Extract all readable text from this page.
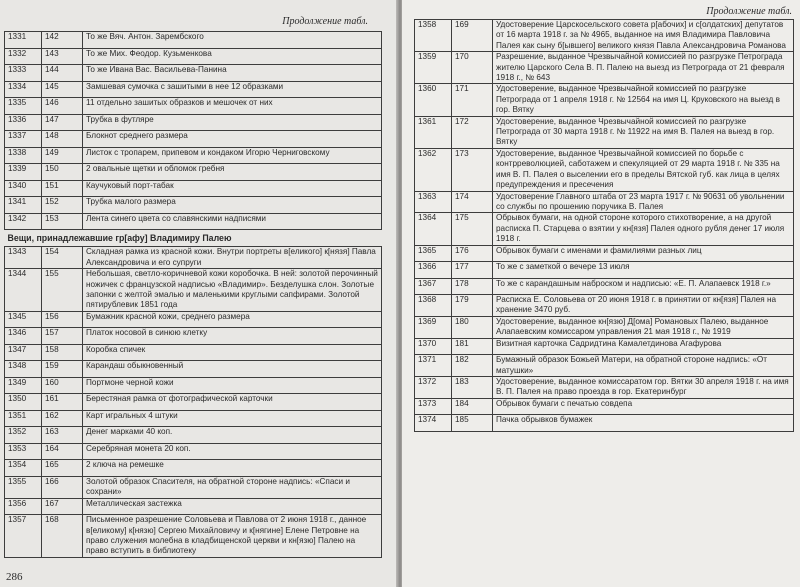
Продолжение табл.
1331	142	То же Вяч. Антон. Зарембского
1332	143	То же Мих. Феодор. Кузьменкова
1333	144	То же Ивана Вас. Васильева-Панина
1334	145	Замшевая сумочка с зашитыми в нее 12 образками
1335	146	11 отдельно зашитых образков и мешочек от них
1336	147	Трубка в футляре
1337	148	Блокнот среднего размера
1338	149	Листок с тропарем, припевом и кондаком Игорю Черниговскому
1339	150	2 овальные щетки и обломок гребня
1340	151	Каучуковый порт-табак
1341	152	Трубка малого размера
1342	153	Лента синего цвета со славянскими надписями
Вещи, принадлежавшие гр[афу] Владимиру Палею		
1343	154	Складная рамка из красной кожи. Внутри портреты в[еликого] к[нязя] Павла Александровича и его супруги
1344	155	Небольшая, светло-коричневой кожи коробочка. В ней: золотой перочинный ножичек с французской надписью «Владимир». Безделушка слон. Золотые запонки с желтой эмалью и маленькими круглыми сапфирами. Золотой пятирублевик 1851 года
1345	156	Бумажник красной кожи, среднего размера
1346	157	Платок носовой в синюю клетку
1347	158	Коробка спичек
1348	159	Карандаш обыкновенный
1349	160	Портмоне черной кожи
1350	161	Берестяная рамка от фотографической карточки
1351	162	Карт игральных 4 штуки
1352	163	Денег марками 40 коп.
1353	164	Серебряная монета 20 коп.
1354	165	2 ключа на ремешке
1355	166	Золотой образок Спасителя, на обратной стороне надпись: «Спаси и сохрани»
1356	167	Металлическая застежка
1357	168	Письменное разрешение Соловьева и Павлова от 2 июня 1918 г., данное в[еликому] к[нязю] Сергею Михайловичу и к[нягине] Елене Петровне на право служения молебна в кладбищенской церкви и кн[язю] Палею на право вступить в библиотеку
286
Продолжение табл.
1358	169	Удостоверение Царскосельского совета р[абочих] и с[олдатских] депутатов от 16 марта 1918 г. за № 4965, выданное на имя Владимира Павловича Палея как сыну б[ывшего] великого князя Павла Александровича Романова
1359	170	Разрешение, выданное Чрезвычайной комиссией по разгрузке Петрограда жителю Царского Села В. П. Палею на выезд из Петрограда от 21 февраля 1918 г., № 643
1360	171	Удостоверение, выданное Чрезвычайной комиссией по разгрузке Петрограда от 1 апреля 1918 г. № 12564 на имя Ц. Круковского на выезд в гор. Вятку
1361	172	Удостоверение, выданное Чрезвычайной комиссией по разгрузке Петрограда от 30 марта 1918 г. № 11922 на имя В. Палея на выезд в гор. Вятку
1362	173	Удостоверение, выданное Чрезвычайной комиссией по борьбе с контрреволюцией, саботажем и спекуляцией от 29 марта 1918 г. № 335 на имя В. П. Палея о выселении его в пределы Вятской губ. как лица в целях предупреждения и пресечения
1363	174	Удостоверение Главного штаба от 23 марта 1917 г. № 90631 об увольнении со службы по прошению поручика В. Палея
1364	175	Обрывок бумаги, на одной стороне которого стихотворение, а на другой расписка П. Старцева о взятии у кн[язя] Палея одного рубля денег 17 июля 1918 г.
1365	176	Обрывок бумаги с именами и фамилиями разных лиц
1366	177	То же с заметкой о вечере 13 июля
1367	178	То же с карандашным наброском и надписью: «Е. П. Алапаевск 1918 г.»
1368	179	Расписка Е. Соловьева от 20 июня 1918 г. в принятии от кн[язя] Палея на хранение 3470 руб.
1369	180	Удостоверение, выданное кн[язю] Д[ома] Романовых Палею, выданное Алапаевским комиссаром управления 21 мая 1918 г., № 1919
1370	181	Визитная карточка Садридтина Камалетдинова Агафурова
1371	182	Бумажный образок Божьей Матери, на обратной стороне надпись: «От матушки»
1372	183	Удостоверение, выданное комиссаратом гор. Вятки 30 апреля 1918 г. на имя В. П. Палея на право проезда в гор. Екатеринбург
1373	184	Обрывок бумаги с печатью совдепа
1374	185	Пачка обрывков бумажек
